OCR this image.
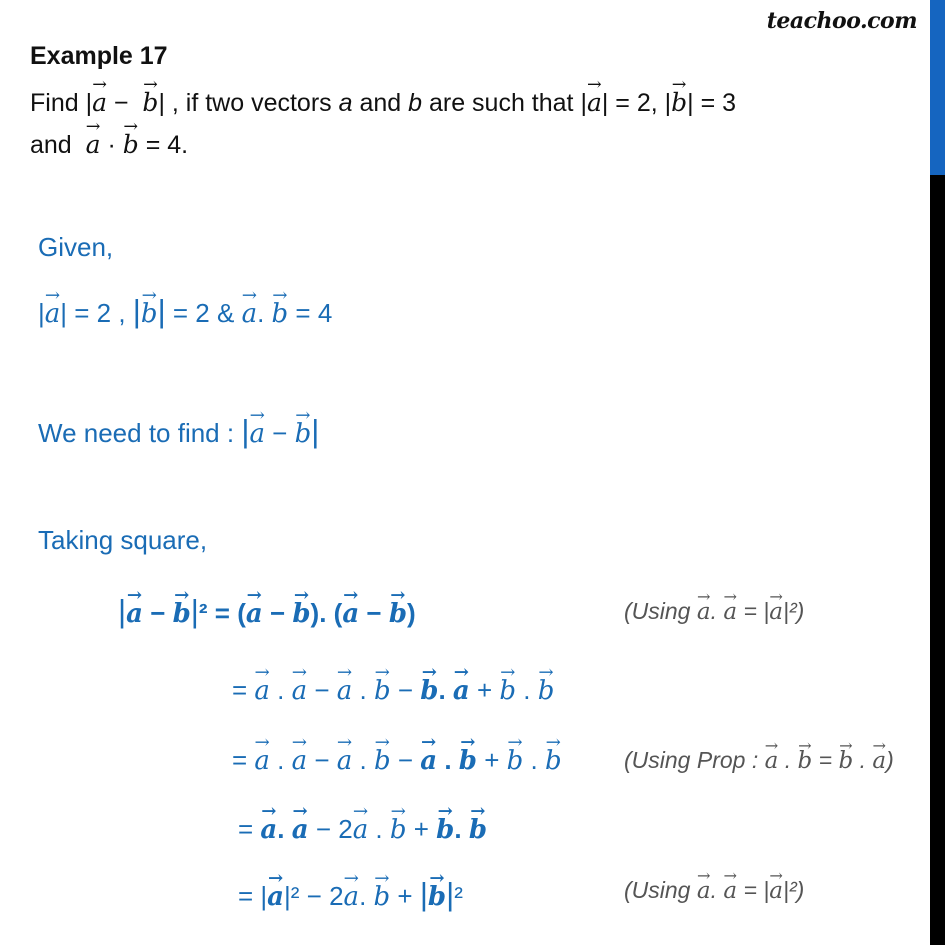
teachoo.com
Example 17
Find |→ a −  → b| , if two vectors a and b are such that |→ a| = 2, |→ b| = 3
and  → a · → b = 4.
Given,
|→ a| = 2 , |→ b| = 2 & → a. → b = 4
We need to find : |→ a − → b|
Taking square,
|→ a − → b|² = (→ a − → b). (→ a − → b)	(Using → a. → a = |→ a|²)
= → a . → a − → a . → b − → b. → a + → b . → b
= → a . → a − → a . → b − → a . → b + → b . → b	(Using Prop : → a . → b = → b . → a)
= → a. → a − 2→ a . → b + → b. → b
= |→ a|² − 2→ a. → b + |→ b|²	(Using → a. → a = |→ a|²)
